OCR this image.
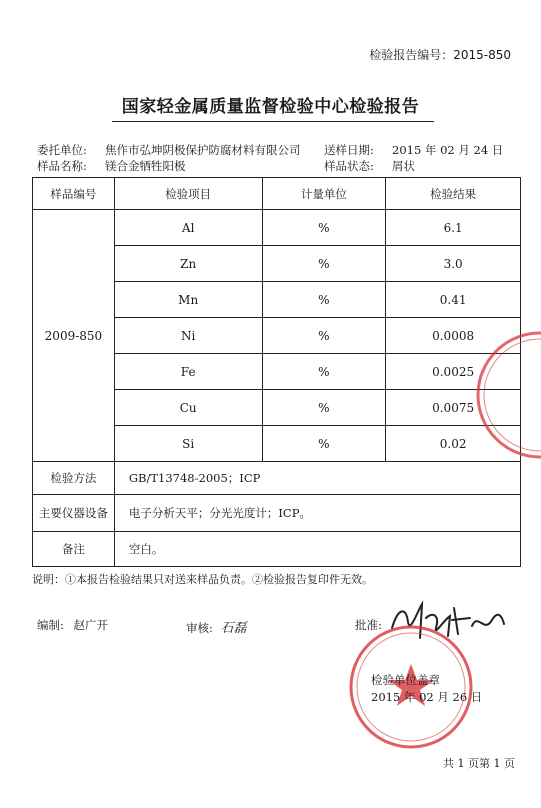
检验报告编号：2015-850
国家轻金属质量监督检验中心检验报告
委托单位: 焦作市弘坤阴极保护防腐材料有限公司 送样日期: 2015 年 02 月 24 日
样品名称: 镁合金牺牲阳极	样品状态: 屑状
样品编号	检验项目	计量单位	检验结果
2009-850	Al	%	6.1
	Zn	%	3.0
	Mn	%	0.41
	Ni	%	0.0008
	Fe	%	0.0025
	Cu	%	0.0075
	Si	%	0.02
检验方法	GB/T13748-2005；ICP		
主要仪器设备	电子分析天平；分光光度计；ICP。		
备注	空白。		
说明：①本报告检验结果只对送来样品负责。②检验报告复印件无效。
编制: 赵广开	审核: 石磊	批准:
检验单位盖章
2015 年 02 月 26 日
共 1 页第 1 页
